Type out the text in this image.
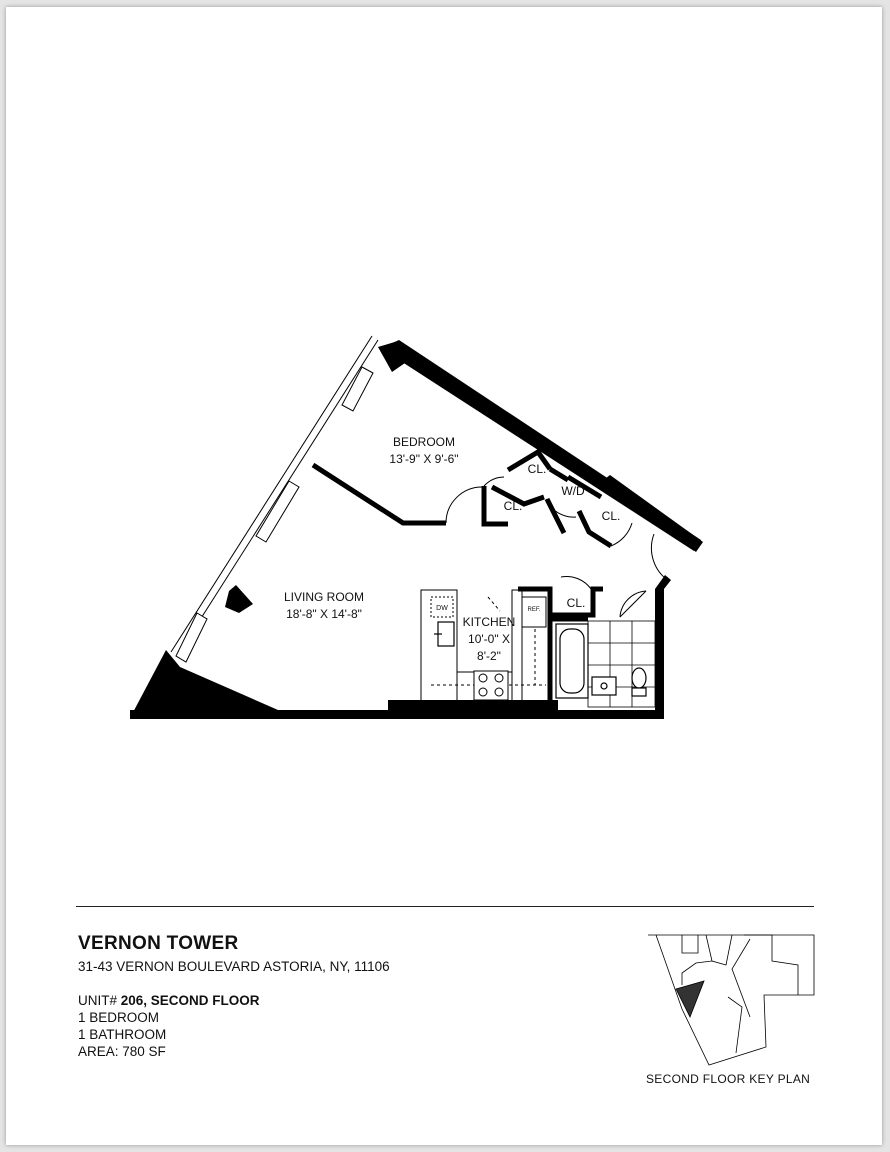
BEDROOM
13'-9" X 9'-6"
LIVING ROOM
18'-8" X 14'-8"
KITCHEN
10'-0" X
8'-2"
CL.
CL.
W/D
CL.
CL.
DW	REF.
VERNON TOWER
31-43 VERNON BOULEVARD ASTORIA, NY, 11106
UNIT# 206, SECOND FLOOR
1 BEDROOM
1 BATHROOM
AREA: 780 SF
SECOND FLOOR KEY PLAN
